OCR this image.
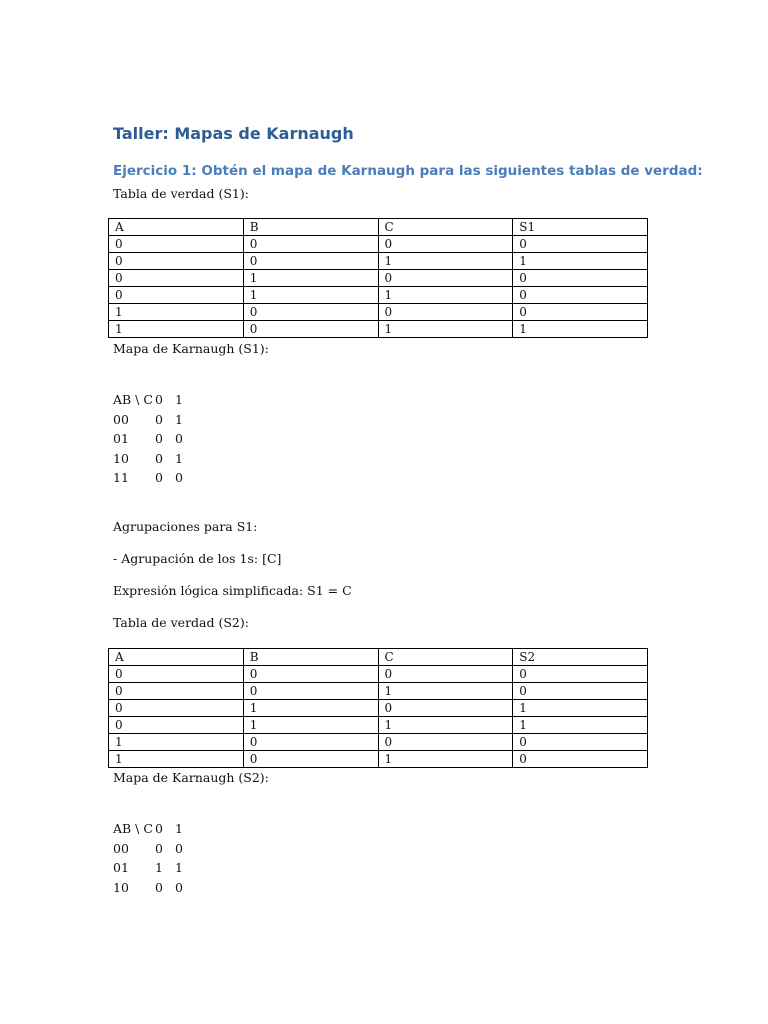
Taller: Mapas de Karnaugh
Ejercicio 1: Obtén el mapa de Karnaugh para las siguientes tablas de verdad:

Tabla de verdad (S1):

A	B	C	S1
0	0	0	0
0	0	1	1
0	1	0	0
0	1	1	0
1	0	0	0
1	0	1	1

Mapa de Karnaugh (S1):

AB \ C	0	1
00	0	1
01	0	0
10	0	1
11	0	0

Agrupaciones para S1:

- Agrupación de los 1s: [C]

Expresión lógica simplificada: S1 = C

Tabla de verdad (S2):

A	B	C	S2
0	0	0	0
0	0	1	0
0	1	0	1
0	1	1	1
1	0	0	0
1	0	1	0

Mapa de Karnaugh (S2):

AB \ C	0	1
00	0	0
01	1	1
10	0	0
